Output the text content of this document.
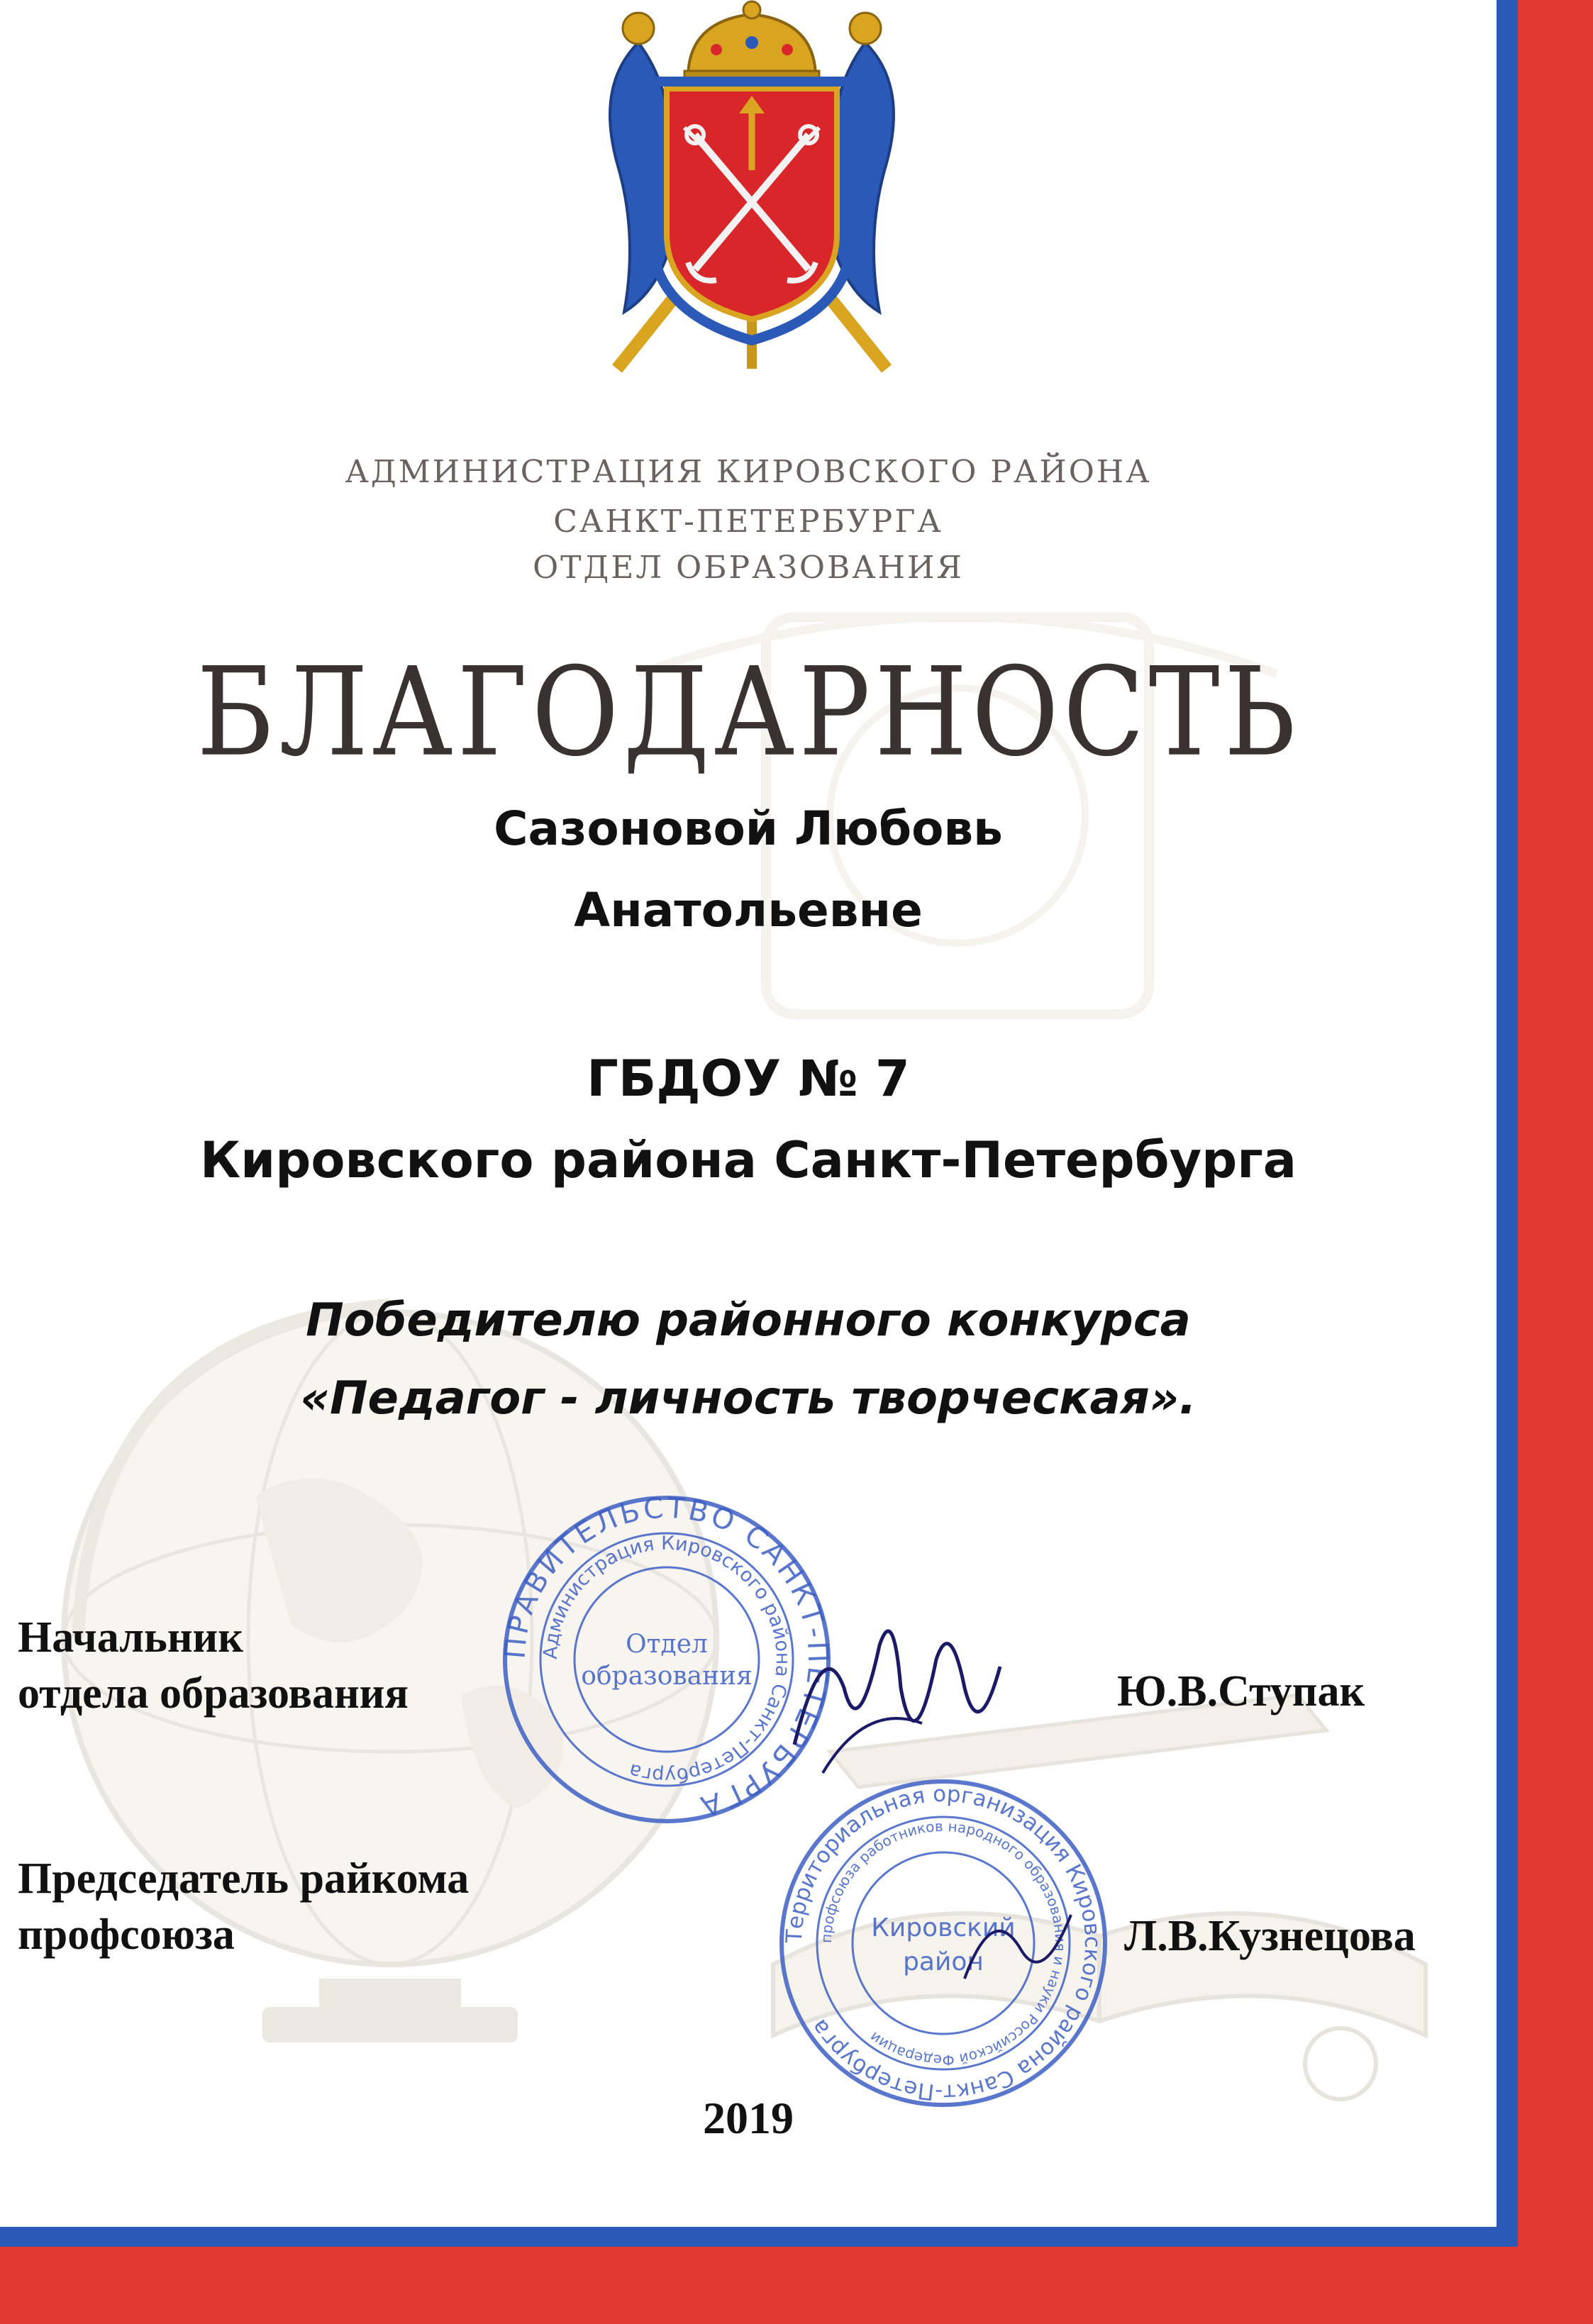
АДМИНИСТРАЦИЯ КИРОВСКОГО РАЙОНА
САНКТ-ПЕТЕРБУРГА
ОТДЕЛ ОБРАЗОВАНИЯ
БЛАГОДАРНОСТЬ
Сазоновой Любовь
Анатольевне
ГБДОУ № 7
Кировского района Санкт-Петербурга
Победителю районного конкурса
«Педагог - личность творческая».
ПРАВИТЕЛЬСТВО САНКТ-ПЕТЕРБУРГА
Администрация Кировского района Санкт-Петербурга
Отдел
образования
Территориальная организация Кировского района Санкт-Петербурга
профсоюза работников народного образования и науки Российской Федерации
Кировский
район
Начальник
отдела образования	Ю.В.Ступак
Председатель райкома
профсоюза	Л.В.Кузнецова
2019
